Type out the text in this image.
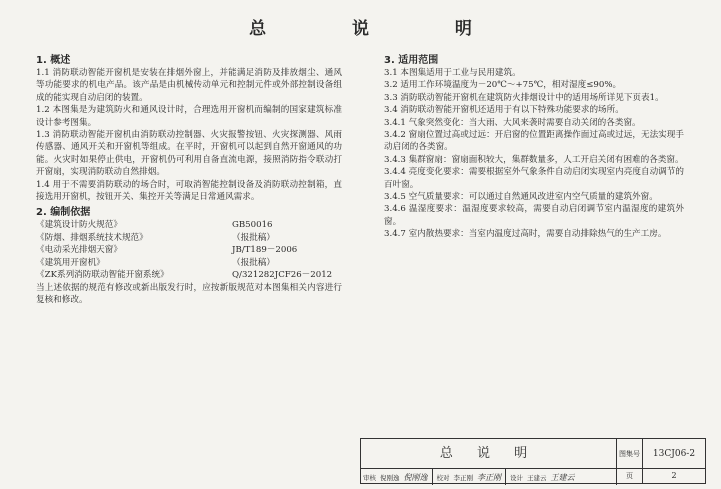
总 说 明

1. 概述

1.1 消防联动智能开窗机是安装在排烟外窗上，并能满足消防及排放烟尘、通风等功能要求的机电产品。该产品是由机械传动单元和控制元件或外部控制设备组成的能实现自动启闭的装置。

1.2 本图集是为建筑防火和通风设计时，合理选用开窗机而编制的国家建筑标准设计参考图集。

1.3 消防联动智能开窗机由消防联动控制器、火灾报警按钮、火灾探测器、风雨传感器、通风开关和开窗机等组成。在平时，开窗机可以起到自然开窗通风的功能。火灾时如果停止供电，开窗机仍可利用自备直流电源，接照消防指令联动打开窗扇，实现消防联动自然排烟。

1.4 用于不需要消防联动的场合时，可取消智能控制设备及消防联动控制箱，直接选用开窗机，按钮开关、集控开关等满足日常通风需求。

2. 编制依据

《建筑设计防火规范》	GB50016
《防烟、排烟系统技术规范》	（报批稿）
《电动采光排烟天窗》	JB/T189－2006
《建筑用开窗机》	（报批稿）
《ZK系列消防联动智能开窗系统》	Q/321282JCF26－2012

当上述依据的规范有修改或新出版发行时，应按新版规范对本图集相关内容进行复核和修改。

3. 适用范围

3.1 本图集适用于工业与民用建筑。

3.2 适用工作环境温度为－20℃～+75℃，相对湿度≤90%。

3.3 消防联动智能开窗机在建筑防火排烟设计中的适用场所详见下页表1。

3.4 消防联动智能开窗机还适用于有以下特殊功能要求的场所。

3.4.1 气象突然变化：当大雨、大风来袭时需要自动关闭的各类窗。

3.4.2 窗扇位置过高或过远：开启窗的位置距离操作面过高或过远，无法实现手动启闭的各类窗。

3.4.3 集群窗扇：窗扇面积较大，集群数量多，人工开启关闭有困难的各类窗。

3.4.4 亮度变化要求：需要根据室外气象条件自动启闭实现室内亮度自动调节的百叶窗。

3.4.5 空气质量要求：可以通过自然通风改进室内空气质量的建筑外窗。

3.4.6 温湿度要求：温湿度要求较高，需要自动启闭调节室内温湿度的建筑外窗。

3.4.7 室内散热要求：当室内温度过高时，需要自动排除热气的生产工房。

总 说 明
审核 倪刚逸 倪刚逸	校对 李正刚 李正刚	设计 王建云 王建云
图集号	13CJ06-2
页	2
